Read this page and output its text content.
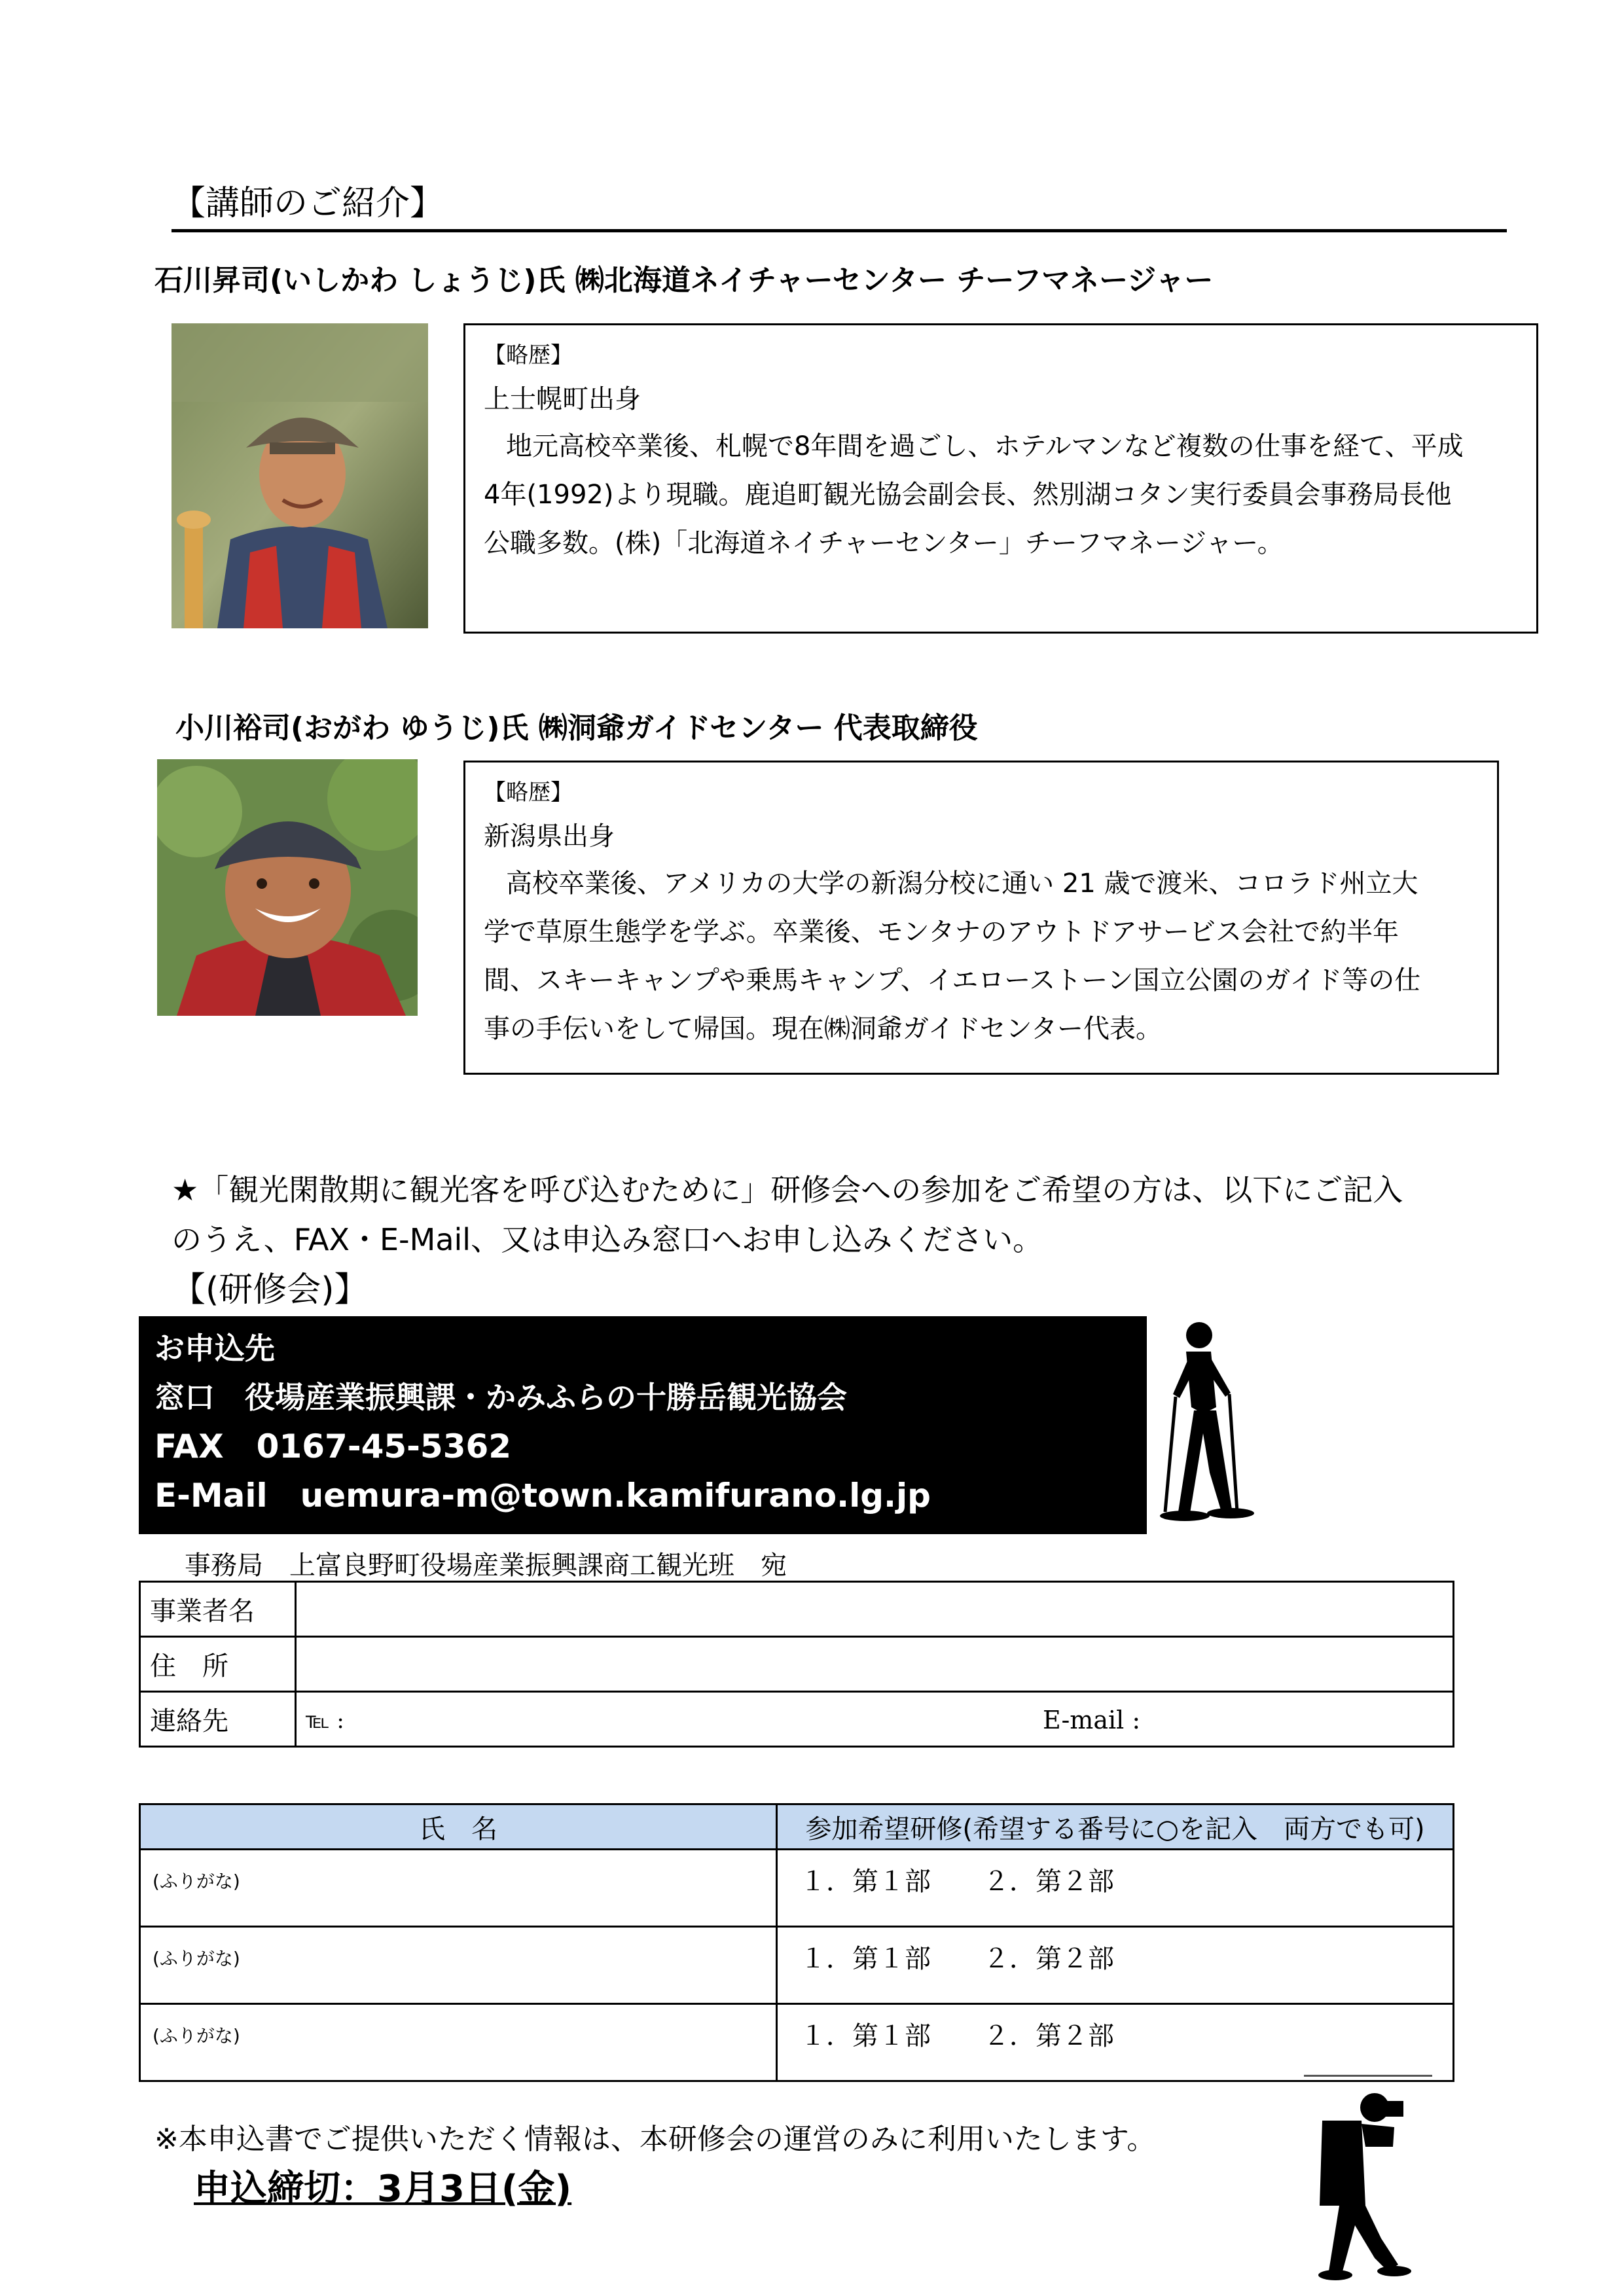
【講師のご紹介】
石川昇司(いしかわ しょうじ)氏 ㈱北海道ネイチャーセンター チーフマネージャー
【略歴】
上士幌町出身
地元高校卒業後、札幌で8年間を過ごし、ホテルマンなど複数の仕事を経て、平成
4年(1992)より現職。鹿追町観光協会副会長、然別湖コタン実行委員会事務局長他
公職多数。(株)「北海道ネイチャーセンター」チーフマネージャー。
小川裕司(おがわ ゆうじ)氏 ㈱洞爺ガイドセンター 代表取締役
【略歴】
新潟県出身
高校卒業後、アメリカの大学の新潟分校に通い 21 歳で渡米、コロラド州立大
学で草原生態学を学ぶ。卒業後、モンタナのアウトドアサービス会社で約半年
間、スキーキャンプや乗馬キャンプ、イエローストーン国立公園のガイド等の仕
事の手伝いをして帰国。現在㈱洞爺ガイドセンター代表。
★「観光閑散期に観光客を呼び込むために」研修会への参加をご希望の方は、以下にご記入
のうえ、FAX・E-Mail、又は申込み窓口へお申し込みください。
【(研修会)】
お申込先
窓口　役場産業振興課・かみふらの十勝岳観光協会
FAX　0167-45-5362
E-Mail　uemura-m@town.kamifurano.lg.jp
事務局　上富良野町役場産業振興課商工観光班　宛
事業者名	
住　所	
連絡先	℡ : E-mail :
氏　名	参加希望研修(希望する番号に○を記入　両方でも可)
(ふりがな)	１．第１部　　２．第２部
(ふりがな)	１．第１部　　２．第２部
(ふりがな)	１．第１部　　２．第２部
※本申込書でご提供いただく情報は、本研修会の運営のみに利用いたします。
申込締切：3月3日(金)
